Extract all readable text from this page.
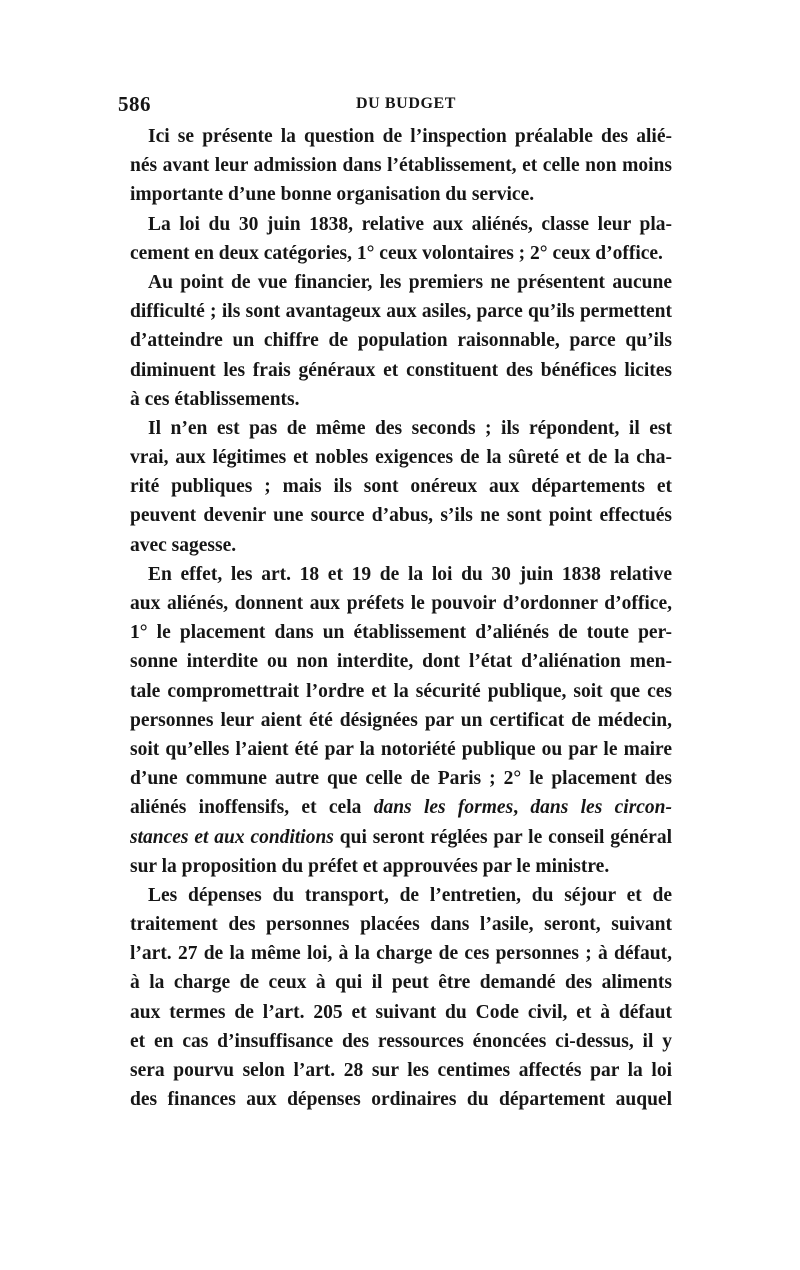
586	DU BUDGET
Ici se présente la question de l’inspection préalable des alié-
nés avant leur admission dans l’établissement, et celle non moins
importante d’une bonne organisation du service.
La loi du 30 juin 1838, relative aux aliénés, classe leur pla-
cement en deux catégories, 1° ceux volontaires ; 2° ceux d’office.
Au point de vue financier, les premiers ne présentent aucune
difficulté ; ils sont avantageux aux asiles, parce qu’ils permettent
d’atteindre un chiffre de population raisonnable, parce qu’ils
diminuent les frais généraux et constituent des bénéfices licites
à ces établissements.
Il n’en est pas de même des seconds ; ils répondent, il est
vrai, aux légitimes et nobles exigences de la sûreté et de la cha-
rité publiques ; mais ils sont onéreux aux départements et
peuvent devenir une source d’abus, s’ils ne sont point effectués
avec sagesse.
En effet, les art. 18 et 19 de la loi du 30 juin 1838 relative
aux aliénés, donnent aux préfets le pouvoir d’ordonner d’office,
1° le placement dans un établissement d’aliénés de toute per-
sonne interdite ou non interdite, dont l’état d’aliénation men-
tale compromettrait l’ordre et la sécurité publique, soit que ces
personnes leur aient été désignées par un certificat de médecin,
soit qu’elles l’aient été par la notoriété publique ou par le maire
d’une commune autre que celle de Paris ; 2° le placement des
aliénés inoffensifs, et cela dans les formes, dans les circon-
stances et aux conditions qui seront réglées par le conseil général
sur la proposition du préfet et approuvées par le ministre.
Les dépenses du transport, de l’entretien, du séjour et de
traitement des personnes placées dans l’asile, seront, suivant
l’art. 27 de la même loi, à la charge de ces personnes ; à défaut,
à la charge de ceux à qui il peut être demandé des aliments
aux termes de l’art. 205 et suivant du Code civil, et à défaut
et en cas d’insuffisance des ressources énoncées ci-dessus, il y
sera pourvu selon l’art. 28 sur les centimes affectés par la loi
des finances aux dépenses ordinaires du département auquel
